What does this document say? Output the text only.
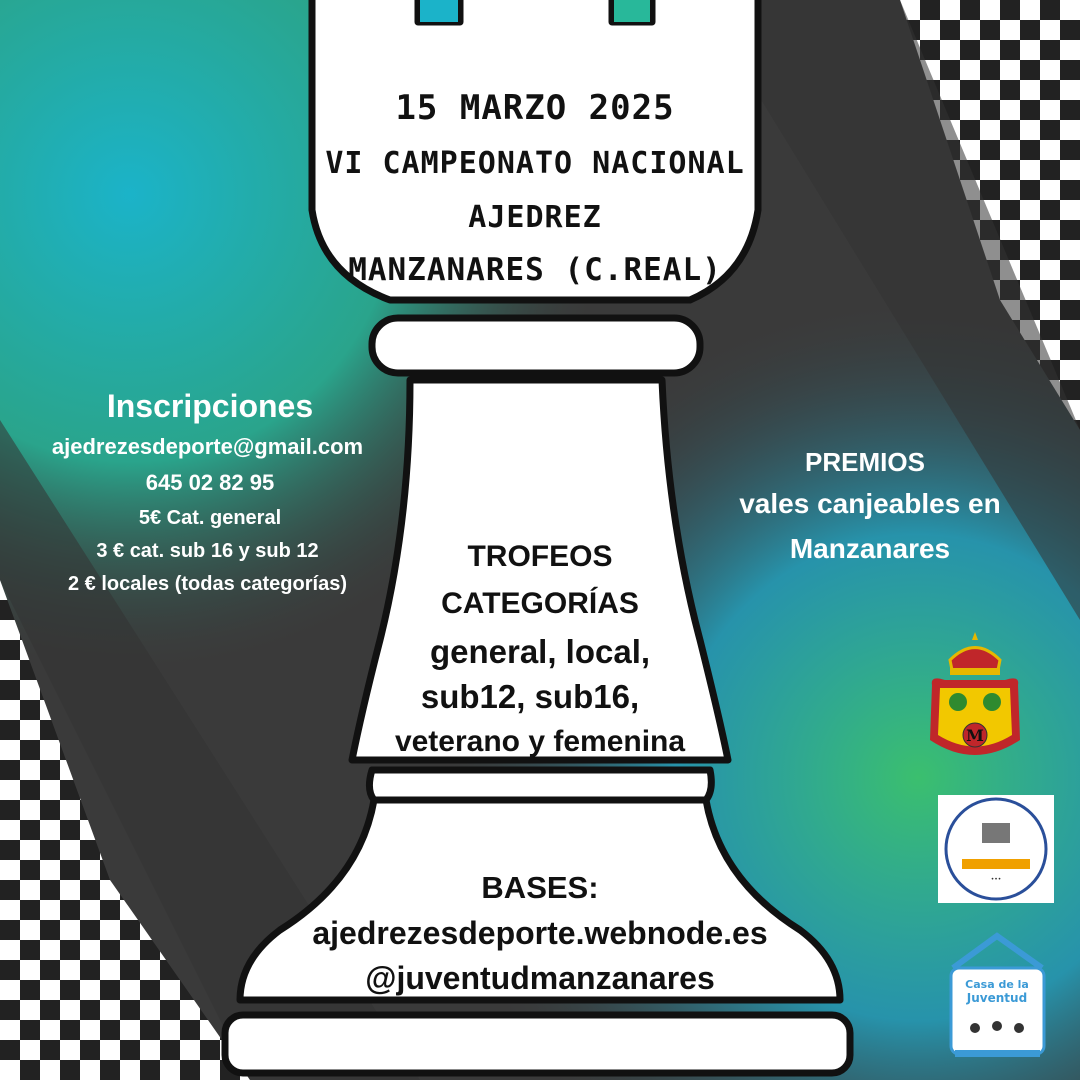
15 MARZO 2025
VI CAMPEONATO NACIONAL
AJEDREZ
MANZANARES (C.REAL)
Inscripciones
ajedrezesdeporte@gmail.com
645 02 82 95
5€ Cat. general
3 € cat. sub 16 y sub 12
2 € locales (todas categorías)
PREMIOS
vales canjeables en
Manzanares
TROFEOS
CATEGORÍAS
general, local,
sub12, sub16,
veterano y femenina
BASES:
ajedrezesdeporte.webnode.es
@juventudmanzanares
M
•••
Casa de la
Juventud
